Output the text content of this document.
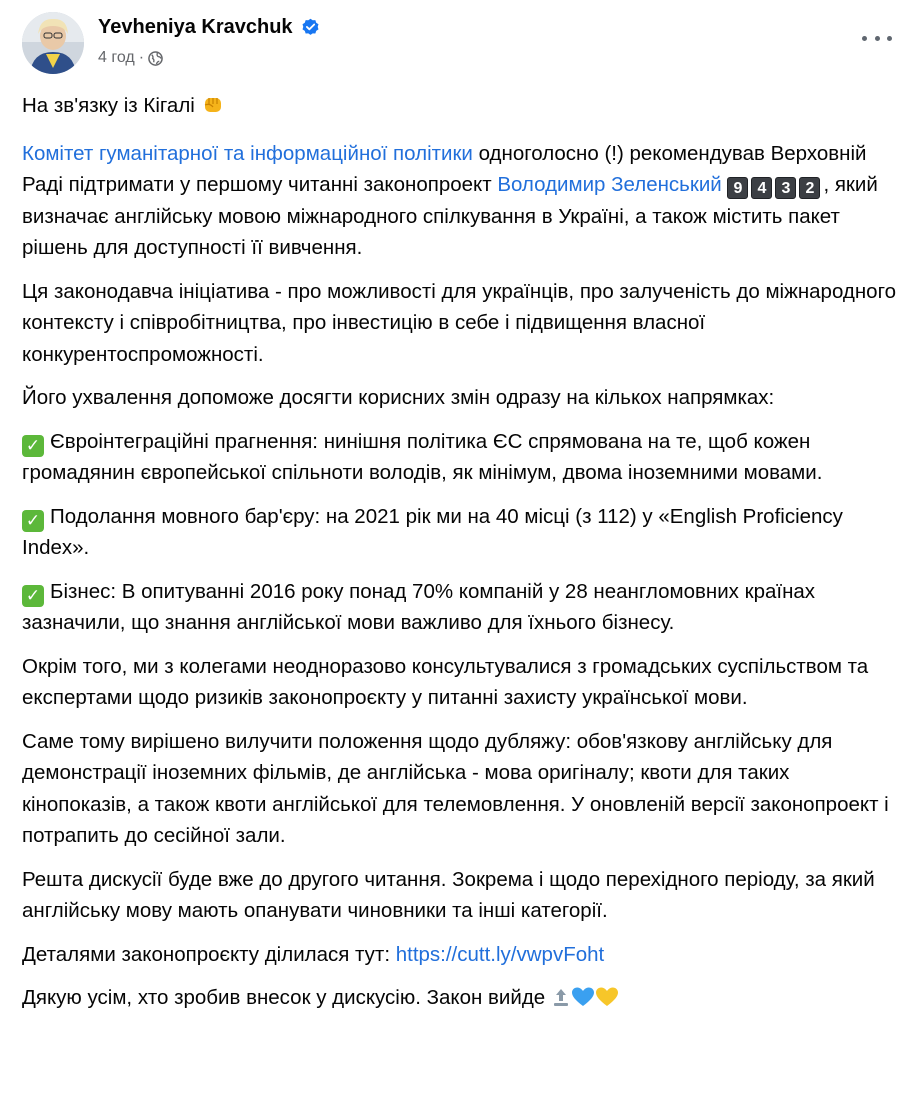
Yevheniya Kravchuk
4 год ·

На зв'язку із Кігалі

Комітет гуманітарної та інформаційної політики одноголосно (!) рекомендував Верховній Раді підтримати у першому читанні законопроект Володимир Зеленський 9 4 3 2 , який визначає англійську мовою міжнародного спілкування в Україні, а також містить пакет рішень для доступності її вивчення.

Ця законодавча ініціатива - про можливості для українців, про залученість до міжнародного контексту і співробітництва, про інвестицію в себе і підвищення власної конкурентоспроможності.

Його ухвалення допоможе досягти корисних змін одразу на кількох напрямках:

✓ Євроінтеграційні прагнення: нинішня політика ЄС спрямована на те, щоб кожен громадянин європейської спільноти володів, як мінімум, двома іноземними мовами.

✓ Подолання мовного бар'єру: на 2021 рік ми на 40 місці (з 112) у «English Proficiency Index».

✓ Бізнес: В опитуванні 2016 року понад 70% компаній у 28 неангломовних країнах зазначили, що знання англійської мови важливо для їхнього бізнесу.

Окрім того, ми з колегами неодноразово консультувалися з громадських суспільством та експертами щодо ризиків законопроєкту у питанні захисту української мови.

Саме тому вирішено вилучити положення щодо дубляжу: обов'язкову англійську для демонстрації іноземних фільмів, де англійська - мова оригіналу; квоти для таких кінопоказів, а також квоти англійської для телемовлення. У оновленій версії законопроект і потрапить до сесійної зали.

Решта дискусії буде вже до другого читання. Зокрема і щодо перехідного періоду, за який англійську мову мають опанувати чиновники та інші категорії.

Деталями законопроєкту ділилася тут: https://cutt.ly/vwpvFoht

Дякую усім, хто зробив внесок у дискусію. Закон вийде
